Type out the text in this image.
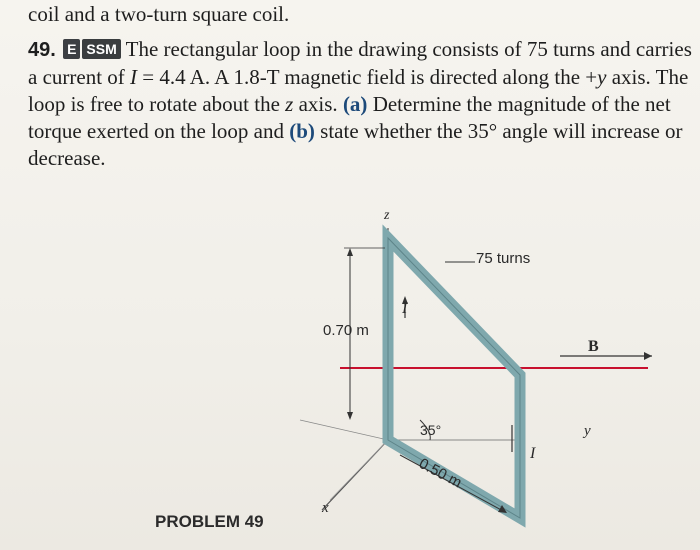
coil and a two-turn square coil.
49. E SSM The rectangular loop in the drawing consists of 75 turns and carries a current of I = 4.4 A. A 1.8-T magnetic field is directed along the +y axis. The loop is free to rotate about the z axis. (a) Determine the magnitude of the net torque exerted on the loop and (b) state whether the 35° angle will increase or decrease.
75 turns
0.70 m
0.50 m
35°
z
x
y
I
I
B
PROBLEM 49
